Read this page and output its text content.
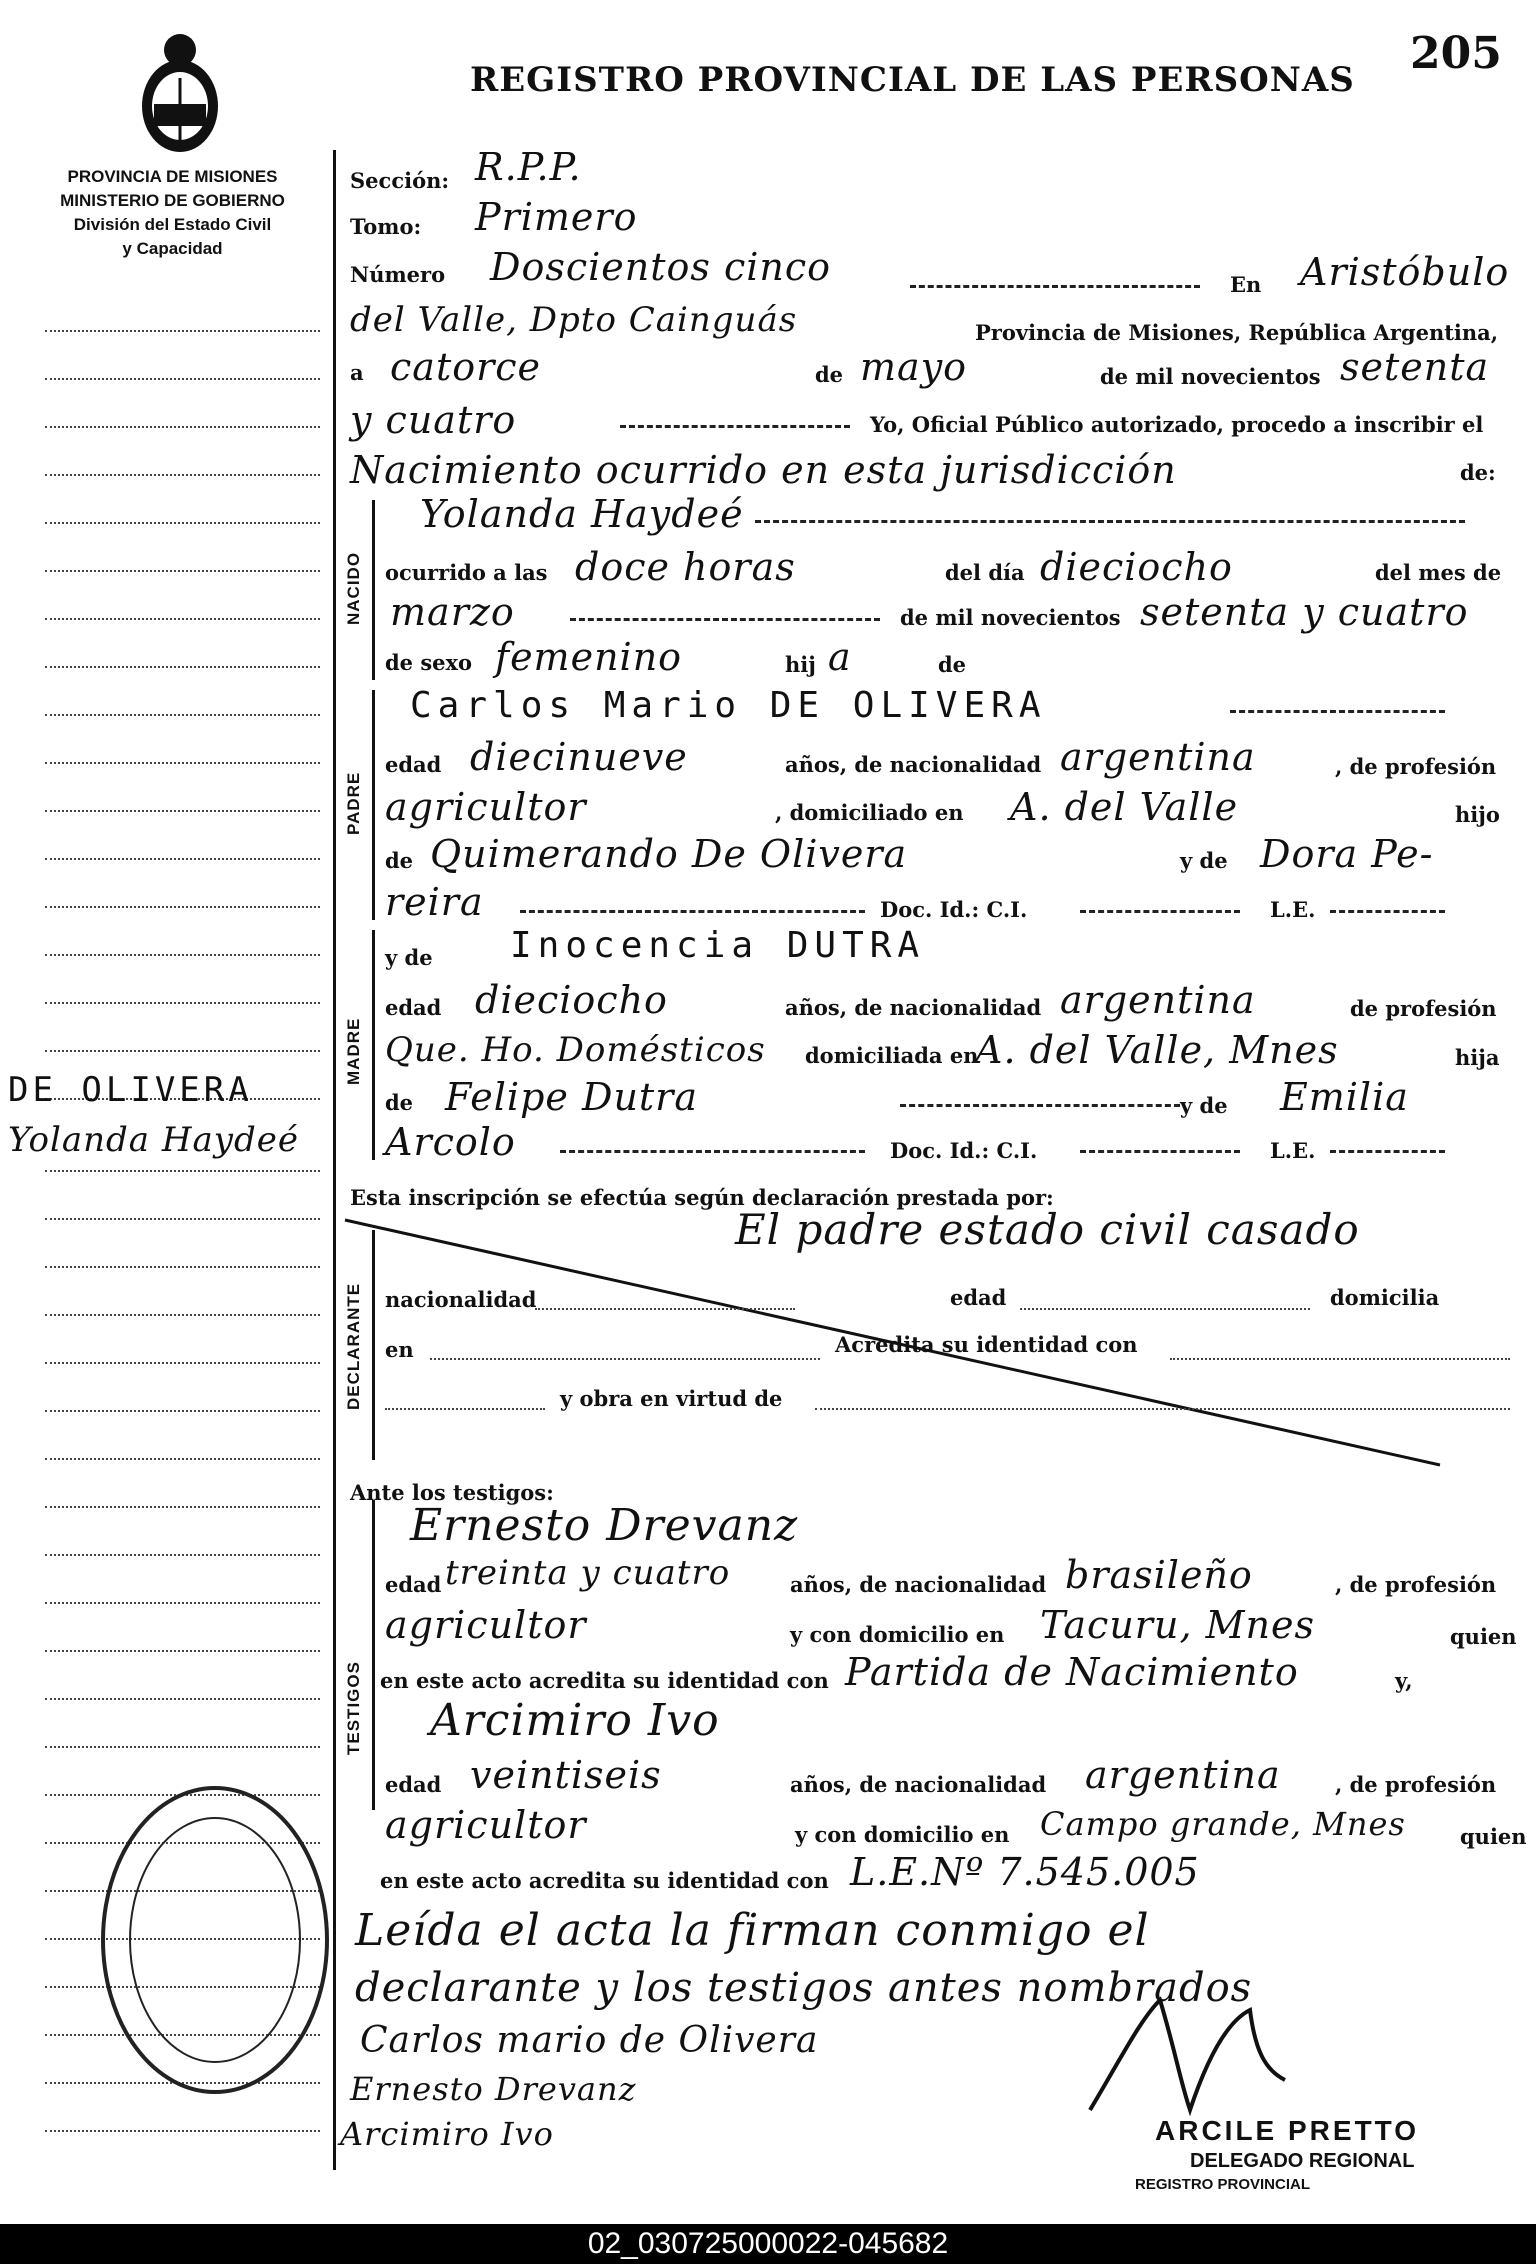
REGISTRO PROVINCIAL DE LAS PERSONAS
205
PROVINCIA DE MISIONES
MINISTERIO DE GOBIERNO
División del Estado Civil
y Capacidad
DE OLIVERA
Yolanda Haydeé
NACIDO
PADRE
MADRE
DECLARANTE
TESTIGOS
Sección: R.P.P.
Tomo: Primero
Número Doscientos cinco	En Aristóbulo
del Valle, Dpto Cainguás	Provincia de Misiones, República Argentina,
a catorce	de mayo	de mil novecientos setenta
y cuatro	Yo, Oficial Público autorizado, procedo a inscribir el
Nacimiento ocurrido en esta jurisdicción	de:
Yolanda Haydeé
ocurrido a las doce horas	del día dieciocho	del mes de
marzo	de mil novecientos setenta y cuatro
de sexo femenino	hij a	de
Carlos Mario DE OLIVERA
edad diecinueve	años, de nacionalidad argentina	, de profesión
agricultor	, domiciliado en A. del Valle	hijo
de Quimerando De Olivera	y de Dora Pe-
reira	Doc. Id.: C.I.	L.E.
y de Inocencia DUTRA
edad dieciocho	años, de nacionalidad argentina	de profesión
Que. Ho. Domésticos domiciliada en
A. del Valle, Mnes	hija
de Felipe Dutra	y de Emilia
Arcolo	Doc. Id.: C.I.	L.E.
Esta inscripción se efectúa según declaración prestada por:
El padre estado civil casado
nacionalidad	edad	domicilia
en	Acredita su identidad con
y obra en virtud de
Ante los testigos:
Ernesto Drevanz
edad treinta y cuatro	años, de nacionalidad brasileño	, de profesión
agricultor	y con domicilio en Tacuru, Mnes	quien
en este acto acredita su identidad con Partida de Nacimiento	y,
Arcimiro Ivo
edad veintiseis	años, de nacionalidad argentina	, de profesión
agricultor	y con domicilio en Campo grande, Mnes	quien
en este acto acredita su identidad con L.E.Nº 7.545.005
Leída el acta la firman conmigo el
declarante y los testigos antes nombrados
Carlos mario de Olivera
Ernesto Drevanz
Arcimiro Ivo	ARCILE PRETTO
DELEGADO REGIONAL
REGISTRO PROVINCIAL
02_030725000022-045682
